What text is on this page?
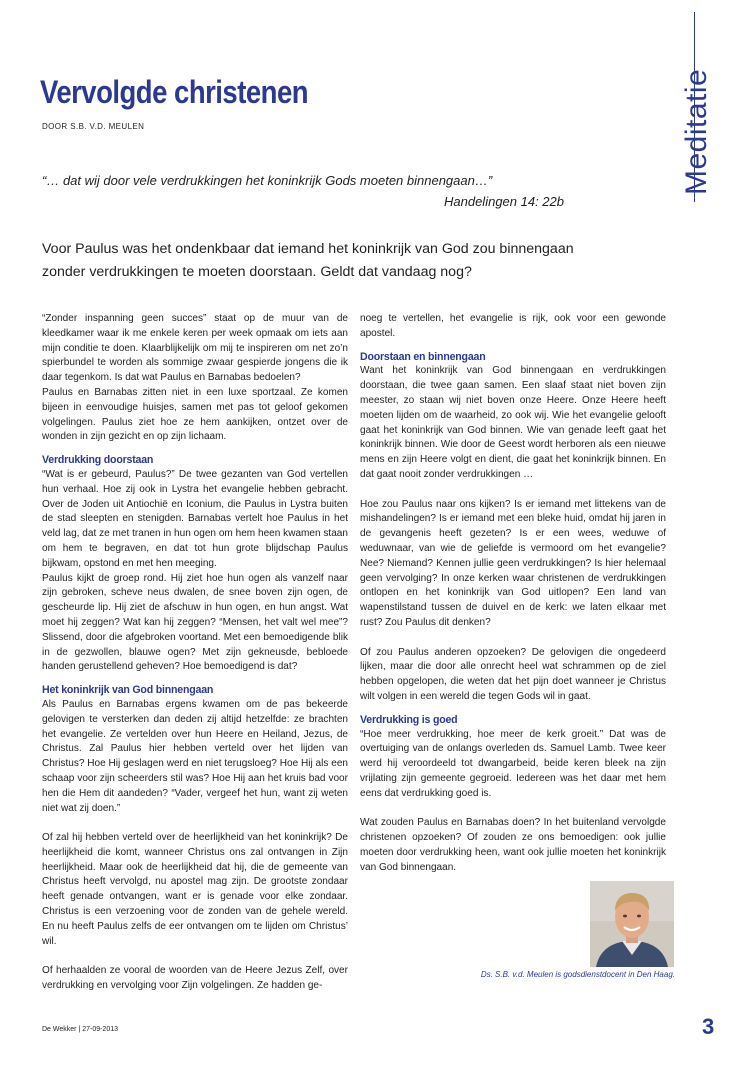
Meditatie
Vervolgde christenen
DOOR S.B. V.D. MEULEN
“… dat wij door vele verdrukkingen het koninkrijk Gods moeten binnengaan…”
Handelingen 14: 22b
Voor Paulus was het ondenkbaar dat iemand het koninkrijk van God zou binnengaan zonder verdrukkingen te moeten doorstaan. Geldt dat vandaag nog?

“Zonder inspanning geen succes” staat op de muur van de kleedkamer waar ik me enkele keren per week opmaak om iets aan mijn conditie te doen. Klaarblijkelijk om mij te inspireren om net zo’n spierbundel te worden als sommige zwaar gespierde jongens die ik daar tegenkom. Is dat wat Paulus en Barnabas bedoelen?

Paulus en Barnabas zitten niet in een luxe sportzaal. Ze komen bijeen in eenvoudige huisjes, samen met pas tot geloof gekomen volgelingen. Paulus ziet hoe ze hem aankijken, ontzet over de wonden in zijn gezicht en op zijn lichaam.

Verdrukking doorstaan

“Wat is er gebeurd, Paulus?” De twee gezanten van God vertellen hun verhaal. Hoe zij ook in Lystra het evangelie hebben gebracht. Over de Joden uit Antiochië en Iconium, die Paulus in Lystra buiten de stad sleepten en stenigden. Barnabas vertelt hoe Paulus in het veld lag, dat ze met tranen in hun ogen om hem heen kwamen staan om hem te begraven, en dat tot hun grote blijdschap Paulus bijkwam, opstond en met hen meeging.

Paulus kijkt de groep rond. Hij ziet hoe hun ogen als vanzelf naar zijn gebroken, scheve neus dwalen, de snee boven zijn ogen, de gescheurde lip. Hij ziet de afschuw in hun ogen, en hun angst. Wat moet hij zeggen? Wat kan hij zeggen? “Mensen, het valt wel mee”? Slissend, door die afgebroken voortand. Met een bemoedigende blik in de gezwollen, blauwe ogen? Met zijn gekneusde, bebloede handen gerustellend geheven? Hoe bemoedigend is dat?

Het koninkrijk van God binnengaan

Als Paulus en Barnabas ergens kwamen om de pas bekeerde gelovigen te versterken dan deden zij altijd hetzelfde: ze brachten het evangelie. Ze vertelden over hun Heere en Heiland, Jezus, de Christus. Zal Paulus hier hebben verteld over het lijden van Christus? Hoe Hij geslagen werd en niet terugsloeg? Hoe Hij als een schaap voor zijn scheerders stil was? Hoe Hij aan het kruis bad voor hen die Hem dit aandeden? “Vader, vergeef het hun, want zij weten niet wat zij doen.”

Of zal hij hebben verteld over de heerlijkheid van het koninkrijk? De heerlijkheid die komt, wanneer Christus ons zal ontvangen in Zijn heerlijkheid. Maar ook de heerlijkheid dat hij, die de gemeente van Christus heeft vervolgd, nu apostel mag zijn. De grootste zondaar heeft genade ontvangen, want er is genade voor elke zondaar. Christus is een verzoening voor de zonden van de gehele wereld. En nu heeft Paulus zelfs de eer ontvangen om te lijden om Christus’ wil.

Of herhaalden ze vooral de woorden van de Heere Jezus Zelf, over verdrukking en vervolging voor Zijn volgelingen. Ze hadden ge-

noeg te vertellen, het evangelie is rijk, ook voor een gewonde apostel.

Doorstaan en binnengaan

Want het koninkrijk van God binnengaan en verdrukkingen doorstaan, die twee gaan samen. Een slaaf staat niet boven zijn meester, zo staan wij niet boven onze Heere. Onze Heere heeft moeten lijden om de waarheid, zo ook wij. Wie het evangelie gelooft gaat het koninkrijk van God binnen. Wie van genade leeft gaat het koninkrijk binnen. Wie door de Geest wordt herboren als een nieuwe mens en zijn Heere volgt en dient, die gaat het koninkrijk binnen. En dat gaat nooit zonder verdrukkingen …

Hoe zou Paulus naar ons kijken? Is er iemand met littekens van de mishandelingen? Is er iemand met een bleke huid, omdat hij jaren in de gevangenis heeft gezeten? Is er een wees, weduwe of weduwnaar, van wie de geliefde is vermoord om het evangelie? Nee? Niemand? Kennen jullie geen verdrukkingen? Is hier helemaal geen vervolging? In onze kerken waar christenen de verdrukkingen ontlopen en het koninkrijk van God uitlopen? Een land van wapenstilstand tussen de duivel en de kerk: we laten elkaar met rust? Zou Paulus dit denken?

Of zou Paulus anderen opzoeken? De gelovigen die ongedeerd lijken, maar die door alle onrecht heel wat schrammen op de ziel hebben opgelopen, die weten dat het pijn doet wanneer je Christus wilt volgen in een wereld die tegen Gods wil in gaat.

Verdrukking is goed

“Hoe meer verdrukking, hoe meer de kerk groeit.” Dat was de overtuiging van de onlangs overleden ds. Samuel Lamb. Twee keer werd hij veroordeeld tot dwangarbeid, beide keren bleek na zijn vrijlating zijn gemeente gegroeid. Iedereen was het daar met hem eens dat verdrukking goed is.

Wat zouden Paulus en Barnabas doen? In het buitenland vervolgde christenen opzoeken? Of zouden ze ons bemoedigen: ook jullie moeten door verdrukking heen, want ook jullie moeten het koninkrijk van God binnengaan.

Ds. S.B. v.d. Meulen is godsdienstdocent in Den Haag.
De Wekker | 27-09-2013	3
